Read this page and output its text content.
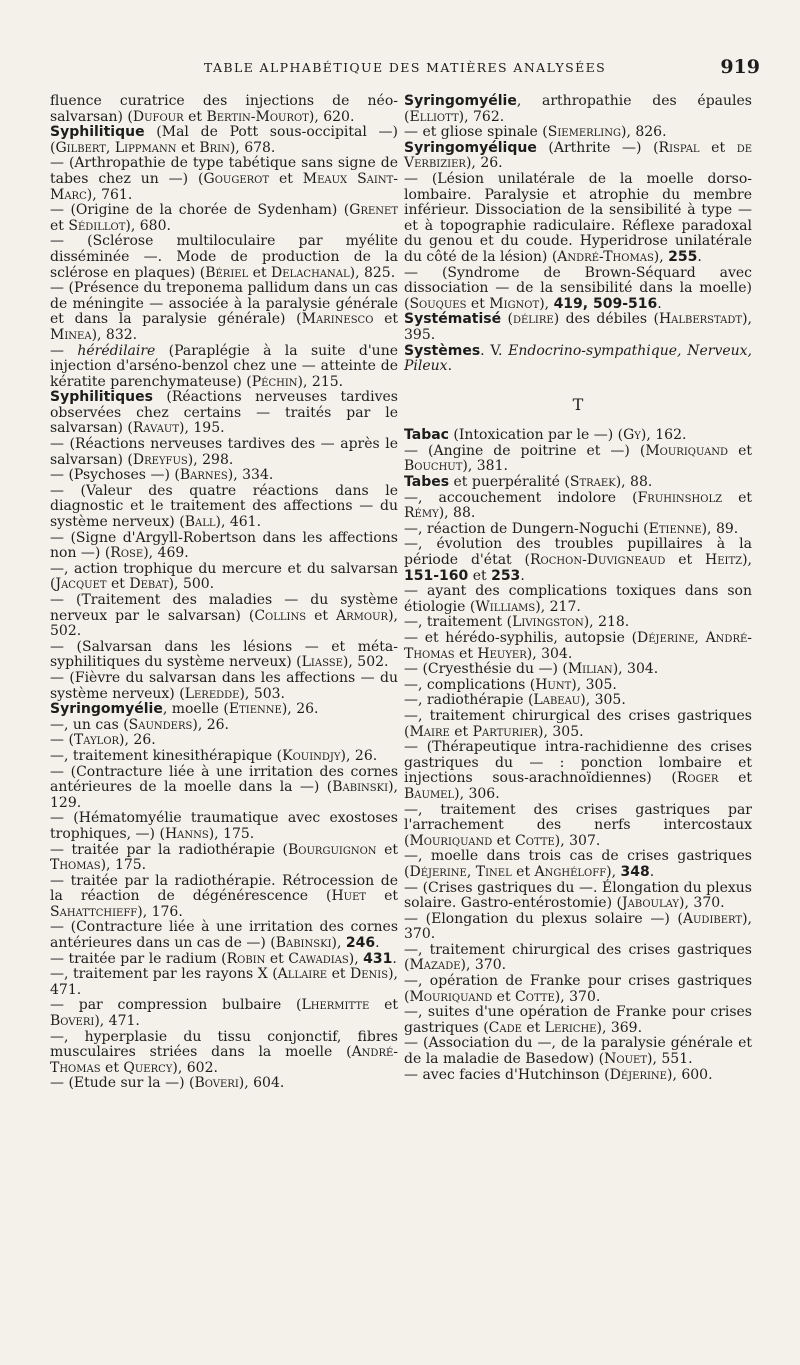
TABLE ALPHABÉTIQUE DES MATIÈRES ANALYSÉES	919

fluence curatrice des injections de néo-salvarsan) (Dufour et Bertin-Mourot), 620.

Syphilitique (Mal de Pott sous-occipital —) (Gilbert, Lippmann et Brin), 678.

— (Arthropathie de type tabétique sans signe de tabes chez un —) (Gougerot et Meaux Saint-Marc), 761.

— (Origine de la chorée de Sydenham) (Grenet et Sédillot), 680.

— (Sclérose multiloculaire par myélite disséminée —. Mode de production de la sclérose en plaques) (Bériel et Delachanal), 825.

— (Présence du treponema pallidum dans un cas de méningite — associée à la paralysie générale et dans la paralysie générale) (Marinesco et Minea), 832.

— hérédilaire (Paraplégie à la suite d'une injection d'arséno-benzol chez une — atteinte de kératite parenchymateuse) (Péchin), 215.

Syphilitiques (Réactions nerveuses tardives observées chez certains — traités par le salvarsan) (Ravaut), 195.

— (Réactions nerveuses tardives des — après le salvarsan) (Dreyfus), 298.

— (Psychoses —) (Barnes), 334.

— (Valeur des quatre réactions dans le diagnostic et le traitement des affections — du système nerveux) (Ball), 461.

— (Signe d'Argyll-Robertson dans les affections non —) (Rose), 469.

—, action trophique du mercure et du salvarsan (Jacquet et Debat), 500.

— (Traitement des maladies — du système nerveux par le salvarsan) (Collins et Armour), 502.

— (Salvarsan dans les lésions — et méta-syphilitiques du système nerveux) (Liasse), 502.

— (Fièvre du salvarsan dans les affections — du système nerveux) (Leredde), 503.

Syringomyélie, moelle (Etienne), 26.

—, un cas (Saunders), 26.

— (Taylor), 26.

—, traitement kinesithérapique (Kouindjy), 26.

— (Contracture liée à une irritation des cornes antérieures de la moelle dans la —) (Babinski), 129.

— (Hématomyélie traumatique avec exostoses trophiques, —) (Hanns), 175.

— traitée par la radiothérapie (Bourguignon et Thomas), 175.

— traitée par la radiothérapie. Rétrocession de la réaction de dégénérescence (Huet et Sahattchieff), 176.

— (Contracture liée à une irritation des cornes antérieures dans un cas de —) (Babinski), 246.

— traitée par le radium (Robin et Cawadias), 431.

—, traitement par les rayons X (Allaire et Denis), 471.

— par compression bulbaire (Lhermitte et Boveri), 471.

—, hyperplasie du tissu conjonctif, fibres musculaires striées dans la moelle (André-Thomas et Quercy), 602.

— (Etude sur la —) (Boveri), 604.

Syringomyélie, arthropathie des épaules (Elliott), 762.

— et gliose spinale (Siemerling), 826.

Syringomyélique (Arthrite —) (Rispal et de Verbizier), 26.

— (Lésion unilatérale de la moelle dorso-lombaire. Paralysie et atrophie du membre inférieur. Dissociation de la sensibilité à type — et à topographie radiculaire. Réflexe paradoxal du genou et du coude. Hyperidrose unilatérale du côté de la lésion) (André-Thomas), 255.

— (Syndrome de Brown-Séquard avec dissociation — de la sensibilité dans la moelle) (Souques et Mignot), 419, 509-516.

Systématisé (délire) des débiles (Halberstadt), 395.

Systèmes. V. Endocrino-sympathique, Nerveux, Pileux.

T

Tabac (Intoxication par le —) (Gy), 162.

— (Angine de poitrine et —) (Mouriquand et Bouchut), 381.

Tabes et puerpéralité (Straek), 88.

—, accouchement indolore (Fruhinsholz et Rémy), 88.

—, réaction de Dungern-Noguchi (Etienne), 89.

—, évolution des troubles pupillaires à la période d'état (Rochon-Duvigneaud et Heitz), 151-160 et 253.

— ayant des complications toxiques dans son étiologie (Williams), 217.

—, traitement (Livingston), 218.

— et hérédo-syphilis, autopsie (Déjerine, André-Thomas et Heuyer), 304.

— (Cryesthésie du —) (Milian), 304.

—, complications (Hunt), 305.

—, radiothérapie (Labeau), 305.

—, traitement chirurgical des crises gastriques (Maire et Parturier), 305.

— (Thérapeutique intra-rachidienne des crises gastriques du — : ponction lombaire et injections sous-arachnoïdiennes) (Roger et Baumel), 306.

—, traitement des crises gastriques par l'arrachement des nerfs intercostaux (Mouriquand et Cotte), 307.

—, moelle dans trois cas de crises gastriques (Déjerine, Tinel et Anghéloff), 348.

— (Crises gastriques du —. Élongation du plexus solaire. Gastro-entérostomie) (Jaboulay), 370.

— (Elongation du plexus solaire —) (Audibert), 370.

—, traitement chirurgical des crises gastriques (Mazade), 370.

—, opération de Franke pour crises gastriques (Mouriquand et Cotte), 370.

—, suites d'une opération de Franke pour crises gastriques (Cade et Leriche), 369.

— (Association du —, de la paralysie générale et de la maladie de Basedow) (Nouet), 551.

— avec facies d'Hutchinson (Déjerine), 600.
